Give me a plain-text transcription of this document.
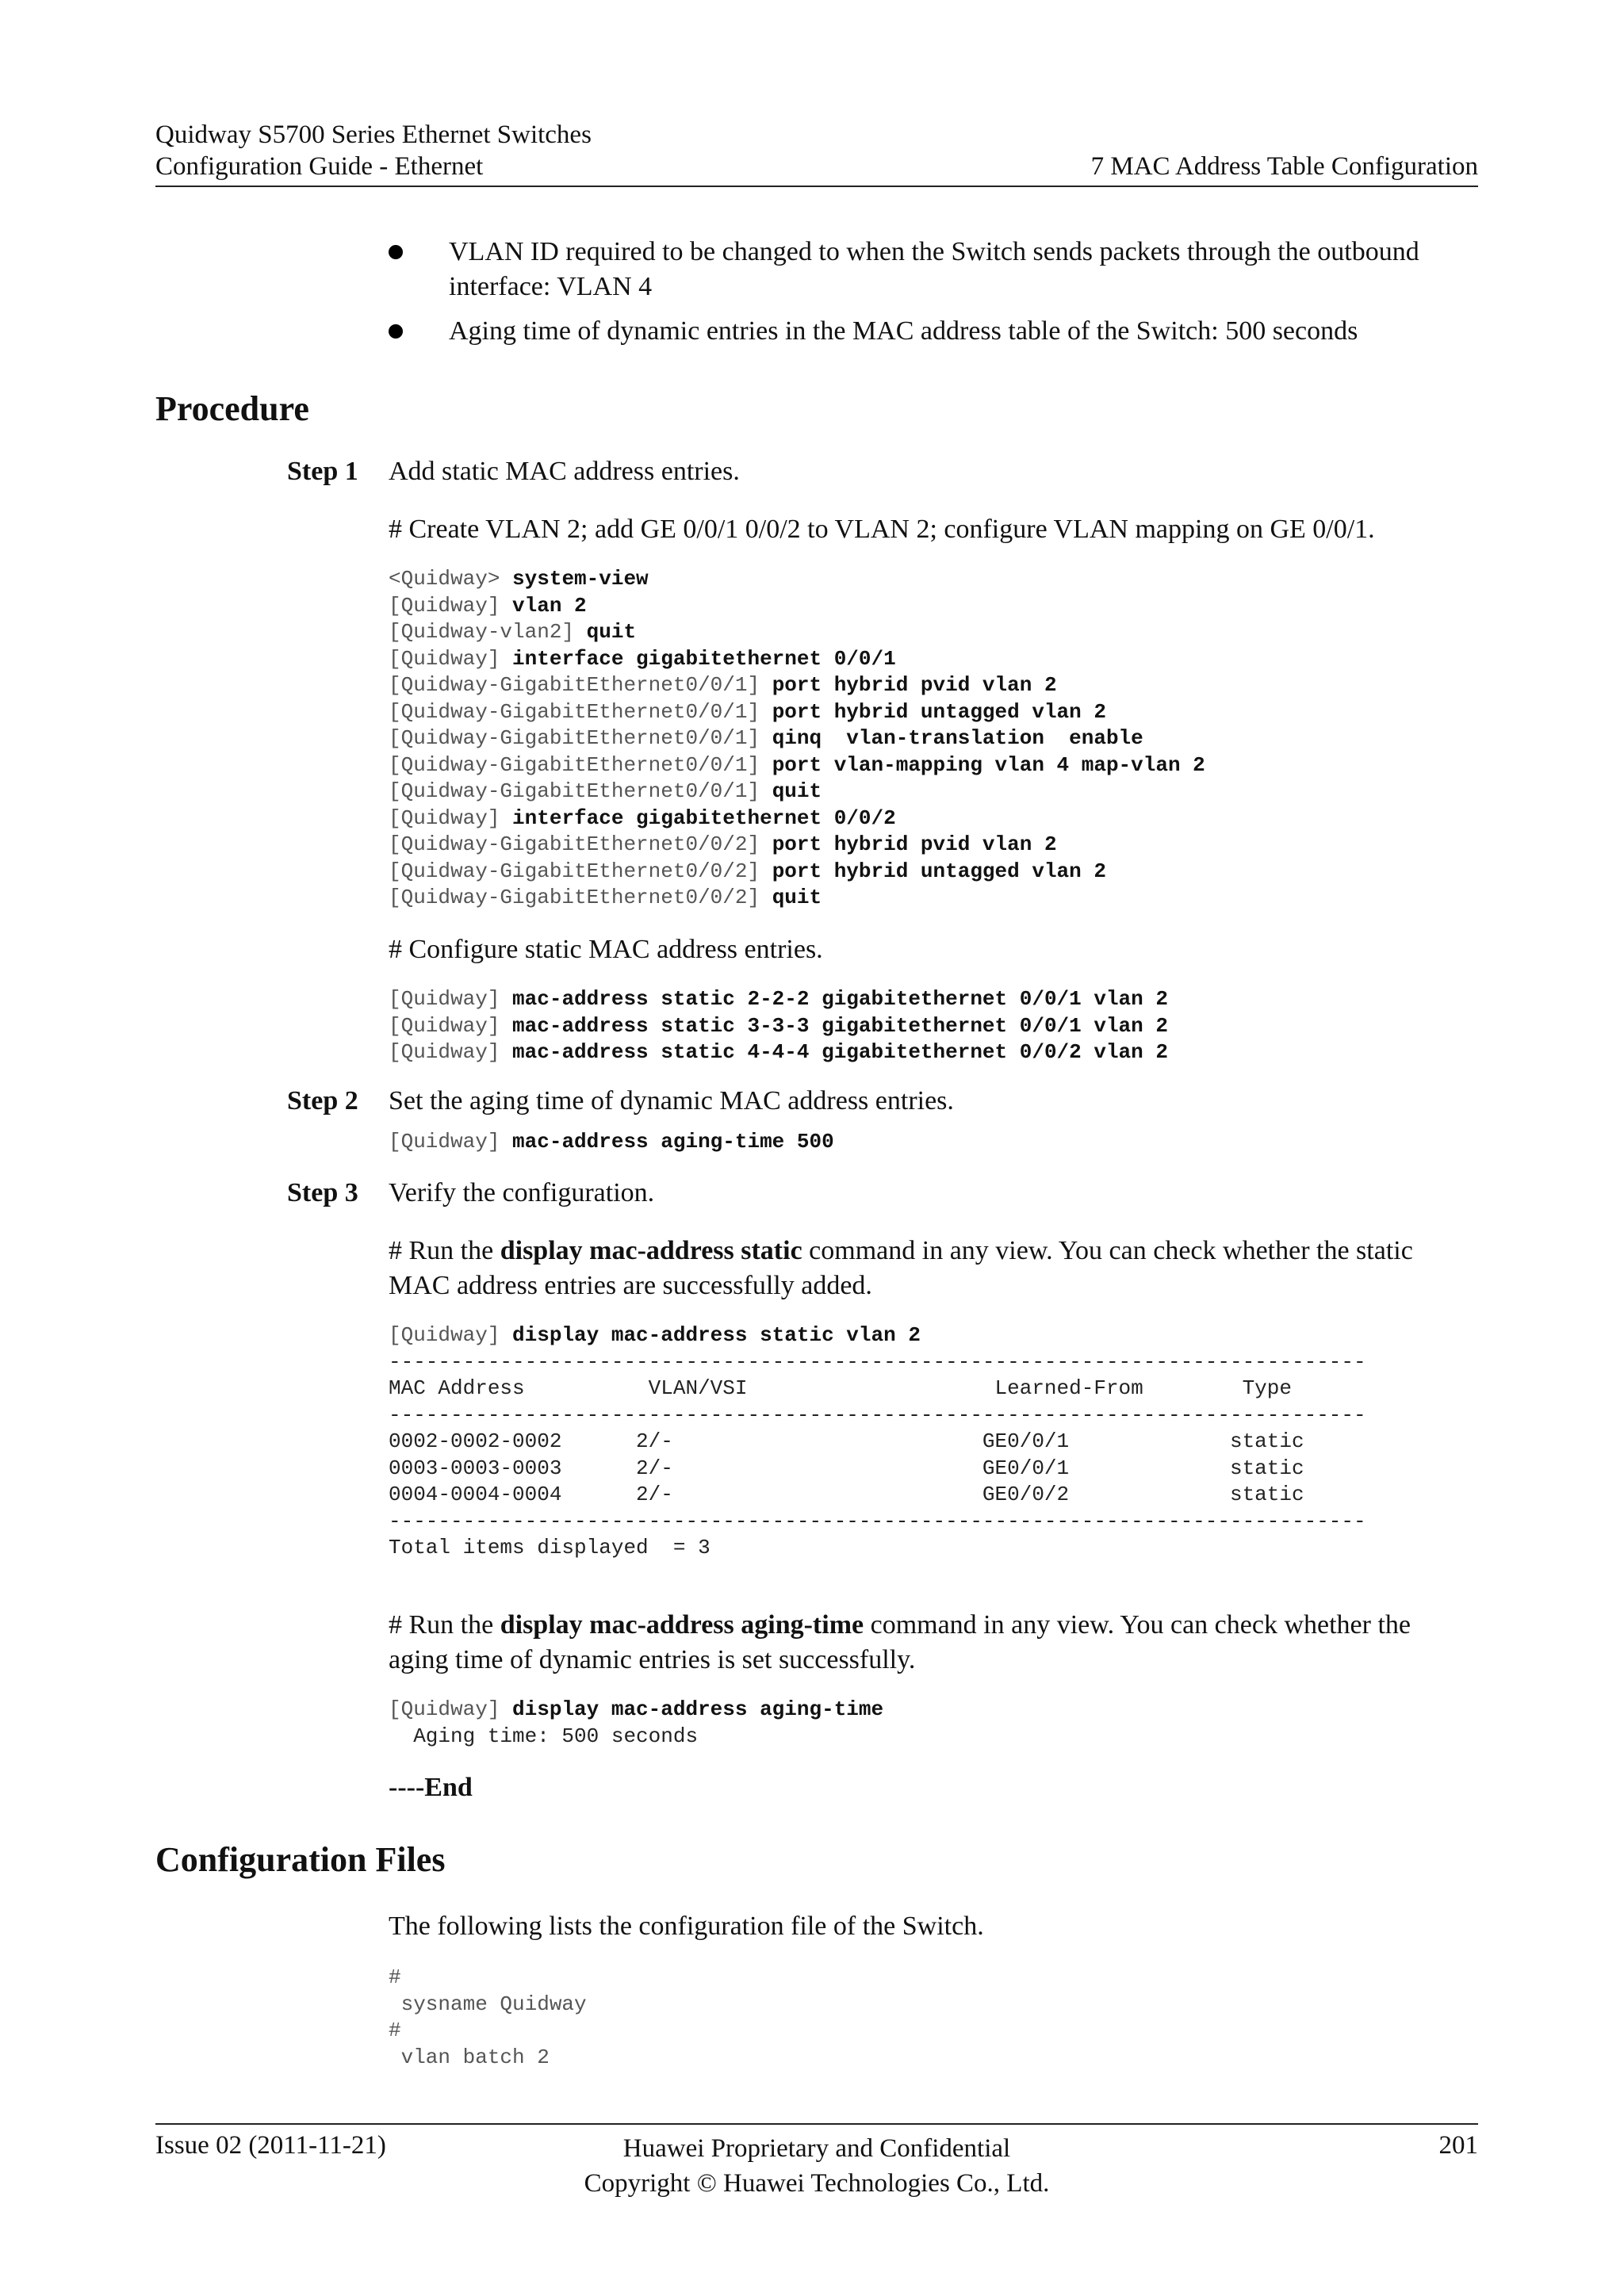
Quidway S5700 Series Ethernet Switches
Configuration Guide - Ethernet	7 MAC Address Table Configuration
VLAN ID required to be changed to when the Switch sends packets through the outbound
interface: VLAN 4
Aging time of dynamic entries in the MAC address table of the Switch: 500 seconds
Procedure
Step 1 Add static MAC address entries.
# Create VLAN 2; add GE 0/0/1 0/0/2 to VLAN 2; configure VLAN mapping on GE 0/0/1.
<Quidway> system-view
[Quidway] vlan 2
[Quidway-vlan2] quit
[Quidway] interface gigabitethernet 0/0/1
[Quidway-GigabitEthernet0/0/1] port hybrid pvid vlan 2
[Quidway-GigabitEthernet0/0/1] port hybrid untagged vlan 2
[Quidway-GigabitEthernet0/0/1] qinq  vlan-translation  enable
[Quidway-GigabitEthernet0/0/1] port vlan-mapping vlan 4 map-vlan 2
[Quidway-GigabitEthernet0/0/1] quit
[Quidway] interface gigabitethernet 0/0/2
[Quidway-GigabitEthernet0/0/2] port hybrid pvid vlan 2
[Quidway-GigabitEthernet0/0/2] port hybrid untagged vlan 2
[Quidway-GigabitEthernet0/0/2] quit
# Configure static MAC address entries.
[Quidway] mac-address static 2-2-2 gigabitethernet 0/0/1 vlan 2
[Quidway] mac-address static 3-3-3 gigabitethernet 0/0/1 vlan 2
[Quidway] mac-address static 4-4-4 gigabitethernet 0/0/2 vlan 2
Step 2 Set the aging time of dynamic MAC address entries.
[Quidway] mac-address aging-time 500
Step 3 Verify the configuration.
# Run the display mac-address static command in any view. You can check whether the static
MAC address entries are successfully added.
[Quidway] display mac-address static vlan 2
-------------------------------------------------------------------------------
MAC Address          VLAN/VSI                    Learned-From        Type
-------------------------------------------------------------------------------
0002-0002-0002      2/-                         GE0/0/1             static
0003-0003-0003      2/-                         GE0/0/1             static
0004-0004-0004      2/-                         GE0/0/2             static
-------------------------------------------------------------------------------
Total items displayed  = 3
# Run the display mac-address aging-time command in any view. You can check whether the
aging time of dynamic entries is set successfully.
[Quidway] display mac-address aging-time
Aging time: 500 seconds
----End
Configuration Files
The following lists the configuration file of the Switch.
#
sysname Quidway
#
vlan batch 2
Issue 02 (2011-11-21)	Huawei Proprietary and Confidential
Copyright © Huawei Technologies Co., Ltd.
201
